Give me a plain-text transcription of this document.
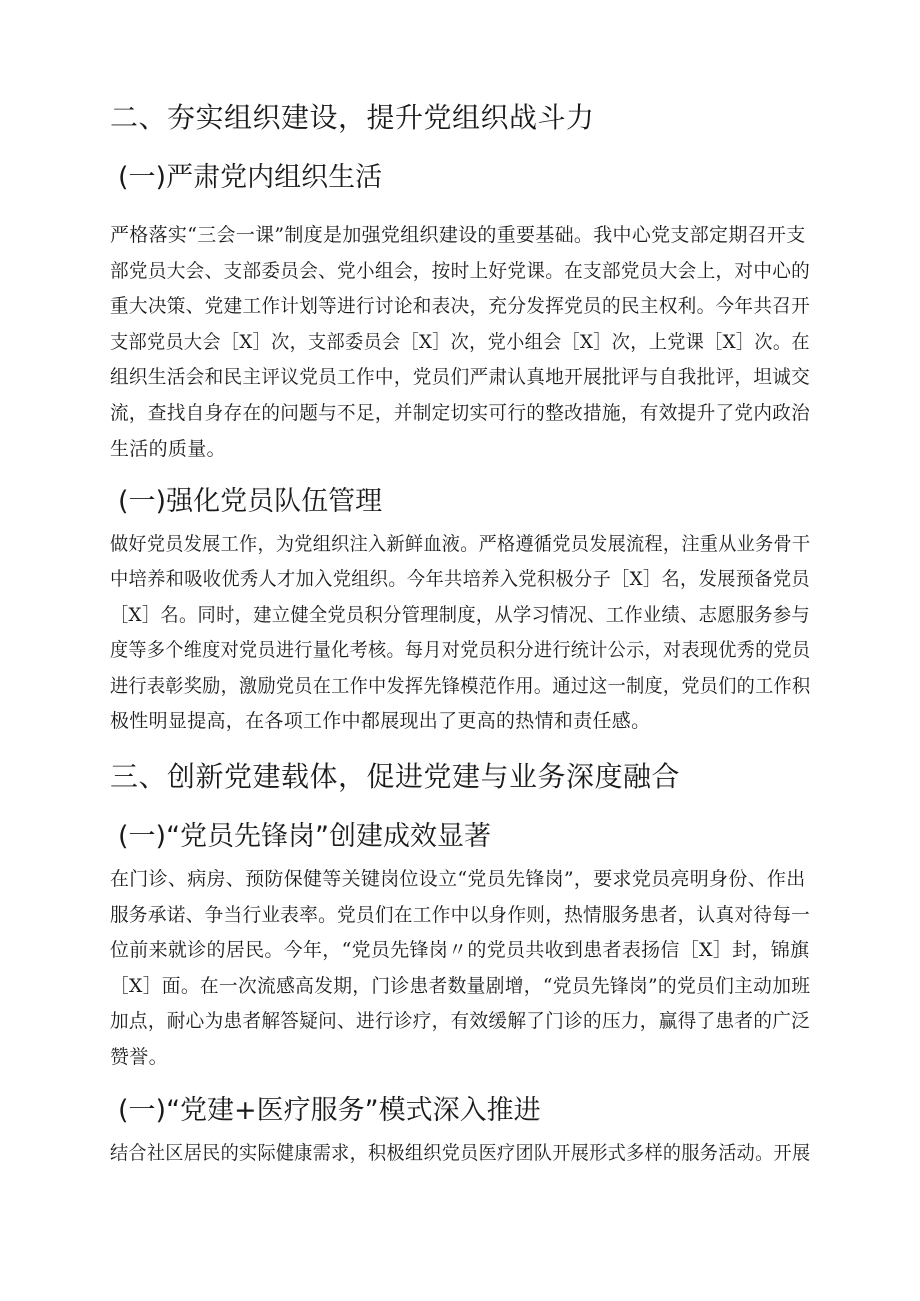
二、夯实组织建设，提升党组织战斗力
(一)严肃党内组织生活

严格落实“三会一课”制度是加强党组织建设的重要基础。我中心党支部定期召开支

部党员大会、支部委员会、党小组会，按时上好党课。在支部党员大会上，对中心的

重大决策、党建工作计划等进行讨论和表决，充分发挥党员的民主权利。今年共召开

支部党员大会［X］次，支部委员会［X］次，党小组会［X］次，上党课［X］次。在

组织生活会和民主评议党员工作中，党员们严肃认真地开展批评与自我批评，坦诚交

流，查找自身存在的问题与不足，并制定切实可行的整改措施，有效提升了党内政治

生活的质量。

(一)强化党员队伍管理

做好党员发展工作，为党组织注入新鲜血液。严格遵循党员发展流程，注重从业务骨干

中培养和吸收优秀人才加入党组织。今年共培养入党积极分子［X］名，发展预备党员

［X］名。同时，建立健全党员积分管理制度，从学习情况、工作业绩、志愿服务参与

度等多个维度对党员进行量化考核。每月对党员积分进行统计公示，对表现优秀的党员

进行表彰奖励，激励党员在工作中发挥先锋模范作用。通过这一制度，党员们的工作积

极性明显提高，在各项工作中都展现出了更高的热情和责任感。

三、创新党建载体，促进党建与业务深度融合
(一)“党员先锋岗”创建成效显著

在门诊、病房、预防保健等关键岗位设立“党员先锋岗”，要求党员亮明身份、作出

服务承诺、争当行业表率。党员们在工作中以身作则，热情服务患者，认真对待每一

位前来就诊的居民。今年，“党员先锋岗〃的党员共收到患者表扬信［X］封，锦旗

［X］面。在一次流感高发期，门诊患者数量剧增，“党员先锋岗”的党员们主动加班

加点，耐心为患者解答疑问、进行诊疗，有效缓解了门诊的压力，赢得了患者的广泛

赞誉。

(一)“党建+医疗服务”模式深入推进

结合社区居民的实际健康需求，积极组织党员医疗团队开展形式多样的服务活动。开展
